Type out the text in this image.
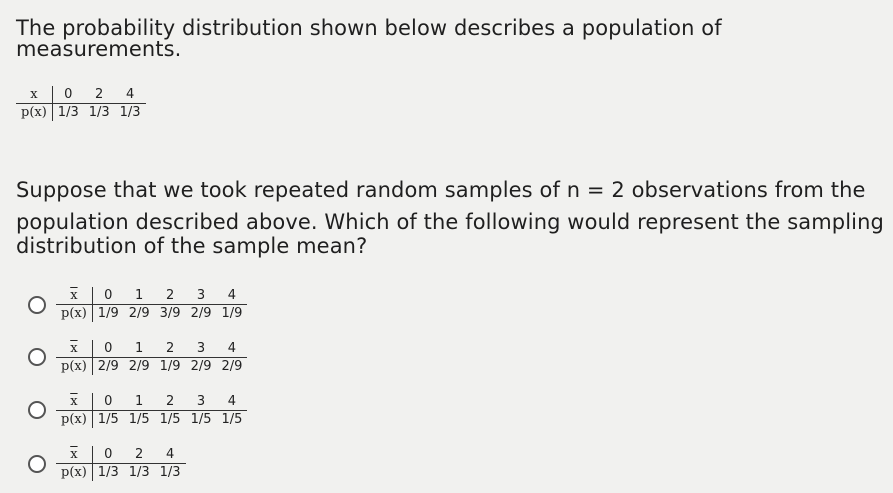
The probability distribution shown below describes a population of measurements.
x	0	2	4
p(x)	1/3	1/3	1/3
Suppose that we took repeated random samples of n = 2 observations from the
population described above. Which of the following would represent the sampling
distribution of the sample mean?
$\overline{x}$	0	1	2	3	4
p(x)	1/9	2/9	3/9	2/9	1/9
$\overline{x}$	0	1	2	3	4
p(x)	2/9	2/9	1/9	2/9	2/9
$\overline{x}$	0	1	2	3	4
p(x)	1/5	1/5	1/5	1/5	1/5
$\overline{x}$	0	2	4
p(x)	1/3	1/3	1/3
